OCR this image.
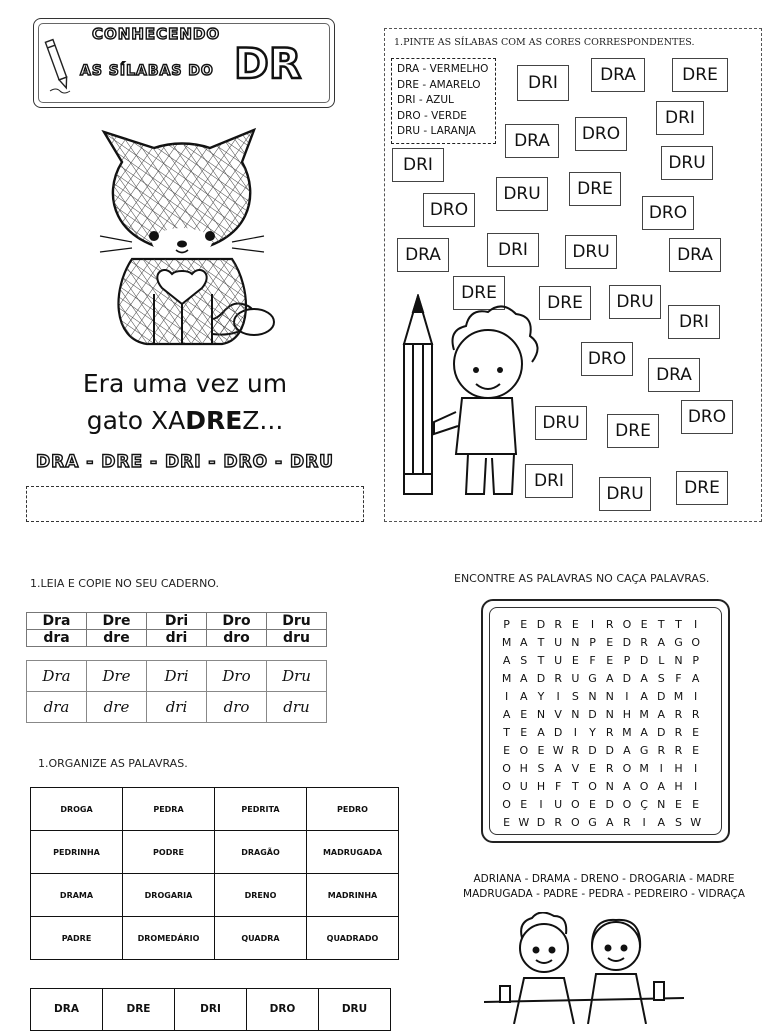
CONHECENDO
AS SÍLABAS DO DR
Era uma vez um
gato XADREZ...
DRA - DRE - DRI - DRO - DRU
1.PINTE AS SÍLABAS COM AS CORES CORRESPONDENTES.
DRA - VERMELHO
DRE - AMARELO
DRI - AZUL
DRO - VERDE
DRU - LARANJA
DRI	DRA	DRE
DRI
DRA	DRO
DRI	DRU
DRE
DRU
DRO	DRO
DRI	DRU
DRA	DRA
DRE	DRE	DRU
DRI
DRO
DRA
DRU	DRE
DRO
DRI
DRU	DRE
1.LEIA E COPIE NO SEU CADERNO.
Dra	Dre	Dri	Dro	Dru
dra	dre	dri	dro	dru
Dra	Dre	Dri	Dro	Dru
dra	dre	dri	dro	dru
1.ORGANIZE AS PALAVRAS.
DROGA	PEDRA	PEDRITA	PEDRO
PEDRINHA	PODRE	DRAGÃO	MADRUGADA
DRAMA	DROGARIA	DRENO	MADRINHA
PADRE	DROMEDÁRIO	QUADRA	QUADRADO
DRA	DRE	DRI	DRO	DRU
ENCONTRE AS PALAVRAS NO CAÇA PALAVRAS.
P E D R E	I	R O E T T	I
M A T U N P E D R A G O
A S T U E F E P D L N P
M A D R U G A D A S F A
I	A Y	I	S N N	I	A D M I
A E N V N D N H M A R R
T E A D	I	Y R M A D R E
E O E W R D D A G R R E
O H S A V E R O M I	H	I
O U H F T O N A O A H	I
O E	I	U O E D O Ç N E E
E W D R O G A R	I	A S W
ADRIANA - DRAMA - DRENO - DROGARIA - MADRE
MADRUGADA - PADRE - PEDRA - PEDREIRO - VIDRAÇA
